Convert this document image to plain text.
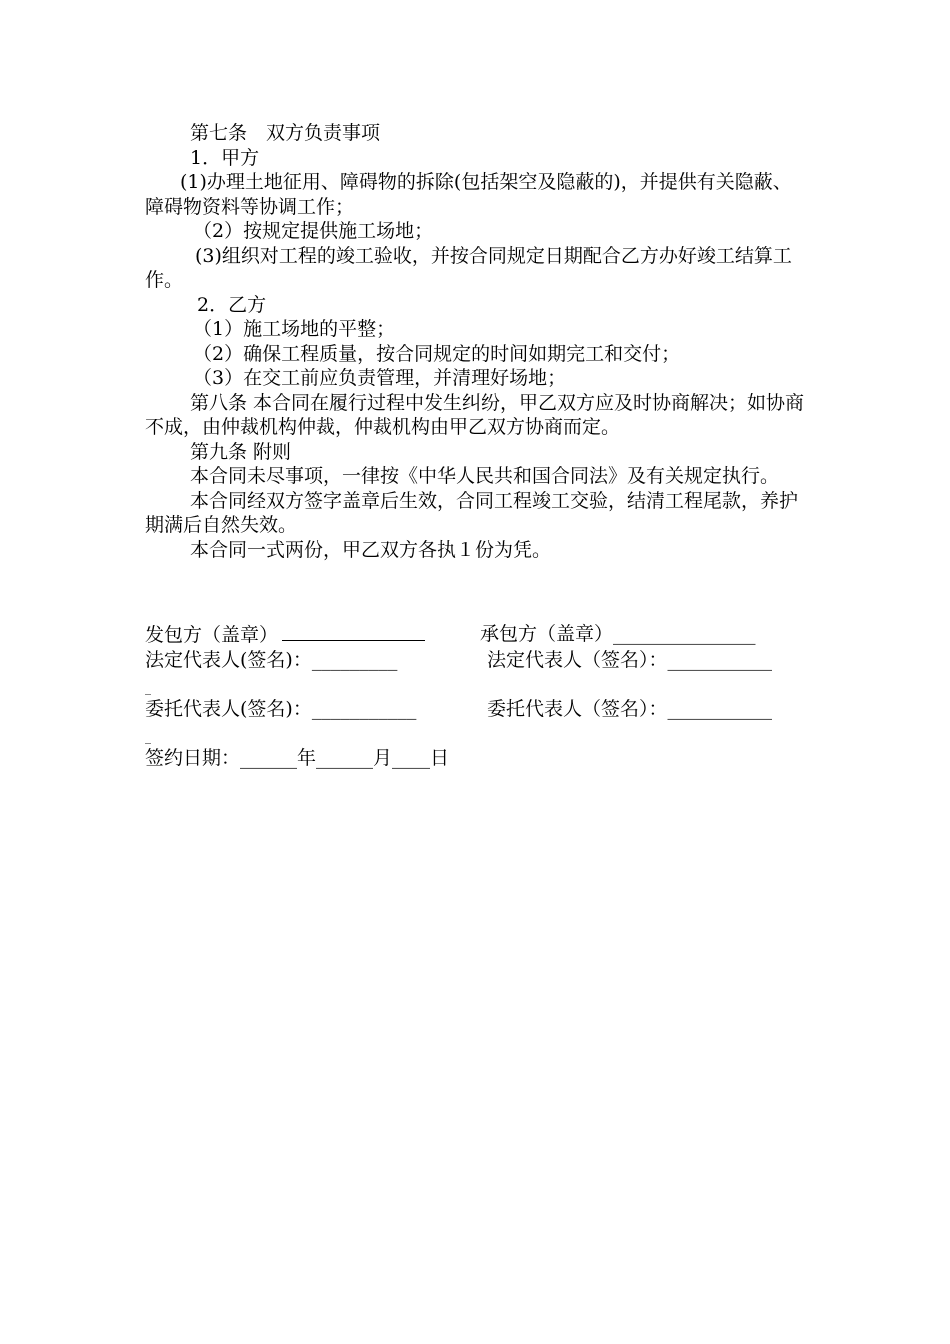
第七条　双方负责事项

1．甲方

(1)办理土地征用、障碍物的拆除(包括架空及隐蔽的)，并提供有关隐蔽、障碍物资料等协调工作；

（2）按规定提供施工场地；

(3)组织对工程的竣工验收，并按合同规定日期配合乙方办好竣工结算工作。

2．乙方

（1）施工场地的平整；

（2）确保工程质量，按合同规定的时间如期完工和交付；

（3）在交工前应负责管理，并清理好场地；

第八条 本合同在履行过程中发生纠纷，甲乙双方应及时协商解决；如协商不成，由仲裁机构仲裁，仲裁机构由甲乙双方协商而定。

第九条 附则

本合同未尽事项，一律按《中华人民共和国合同法》及有关规定执行。

本合同经双方签字盖章后生效，合同工程竣工交验，结清工程尾款，养护期满后自然失效。

本合同一式两份，甲乙双方各执１份为凭。

发包方（盖章）	承包方（盖章）_______________
法定代表人(签名)：_________	法定代表人（签名）：___________
_
委托代表人(签名)：___________	委托代表人（签名）：___________
_
签约日期：______年______月____日
